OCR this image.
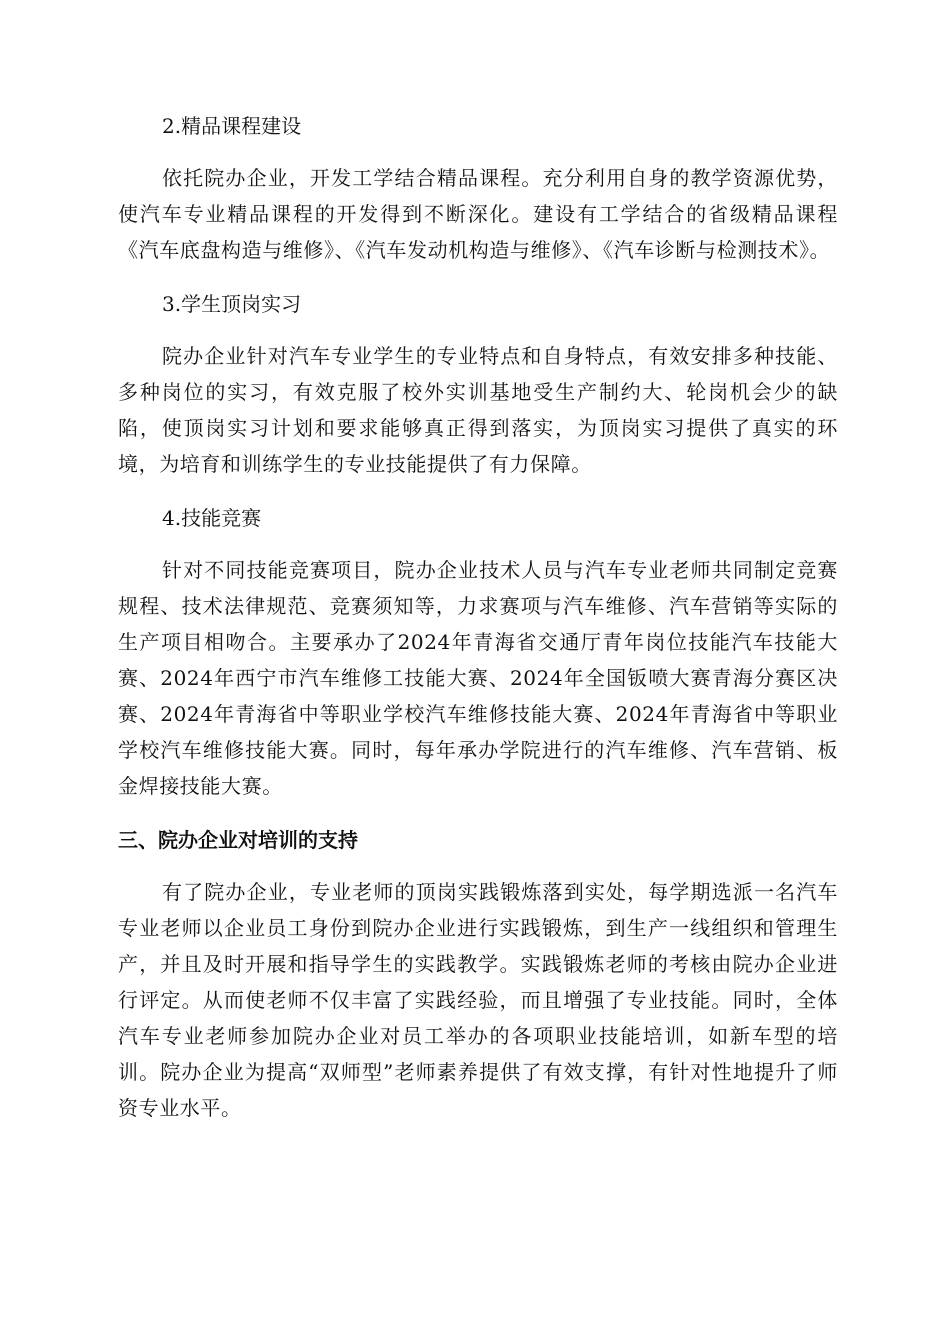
2.精品课程建设

依托院办企业，开发工学结合精品课程。充分利用自身的教学资源优势，使汽车专业精品课程的开发得到不断深化。建设有工学结合的省级精品课程《汽车底盘构造与维修》、《汽车发动机构造与维修》、《汽车诊断与检测技术》。

3.学生顶岗实习

院办企业针对汽车专业学生的专业特点和自身特点，有效安排多种技能、多种岗位的实习，有效克服了校外实训基地受生产制约大、轮岗机会少的缺陷，使顶岗实习计划和要求能够真正得到落实，为顶岗实习提供了真实的环境，为培育和训练学生的专业技能提供了有力保障。

4.技能竞赛

针对不同技能竞赛项目，院办企业技术人员与汽车专业老师共同制定竞赛规程、技术法律规范、竞赛须知等，力求赛项与汽车维修、汽车营销等实际的生产项目相吻合。主要承办了2024年青海省交通厅青年岗位技能汽车技能大赛、2024年西宁市汽车维修工技能大赛、2024年全国钣喷大赛青海分赛区决赛、2024年青海省中等职业学校汽车维修技能大赛、2024年青海省中等职业学校汽车维修技能大赛。同时，每年承办学院进行的汽车维修、汽车营销、板金焊接技能大赛。

三、院办企业对培训的支持

有了院办企业，专业老师的顶岗实践锻炼落到实处，每学期选派一名汽车专业老师以企业员工身份到院办企业进行实践锻炼，到生产一线组织和管理生产，并且及时开展和指导学生的实践教学。实践锻炼老师的考核由院办企业进行评定。从而使老师不仅丰富了实践经验，而且增强了专业技能。同时，全体汽车专业老师参加院办企业对员工举办的各项职业技能培训，如新车型的培训。院办企业为提高“双师型”老师素养提供了有效支撑，有针对性地提升了师资专业水平。
